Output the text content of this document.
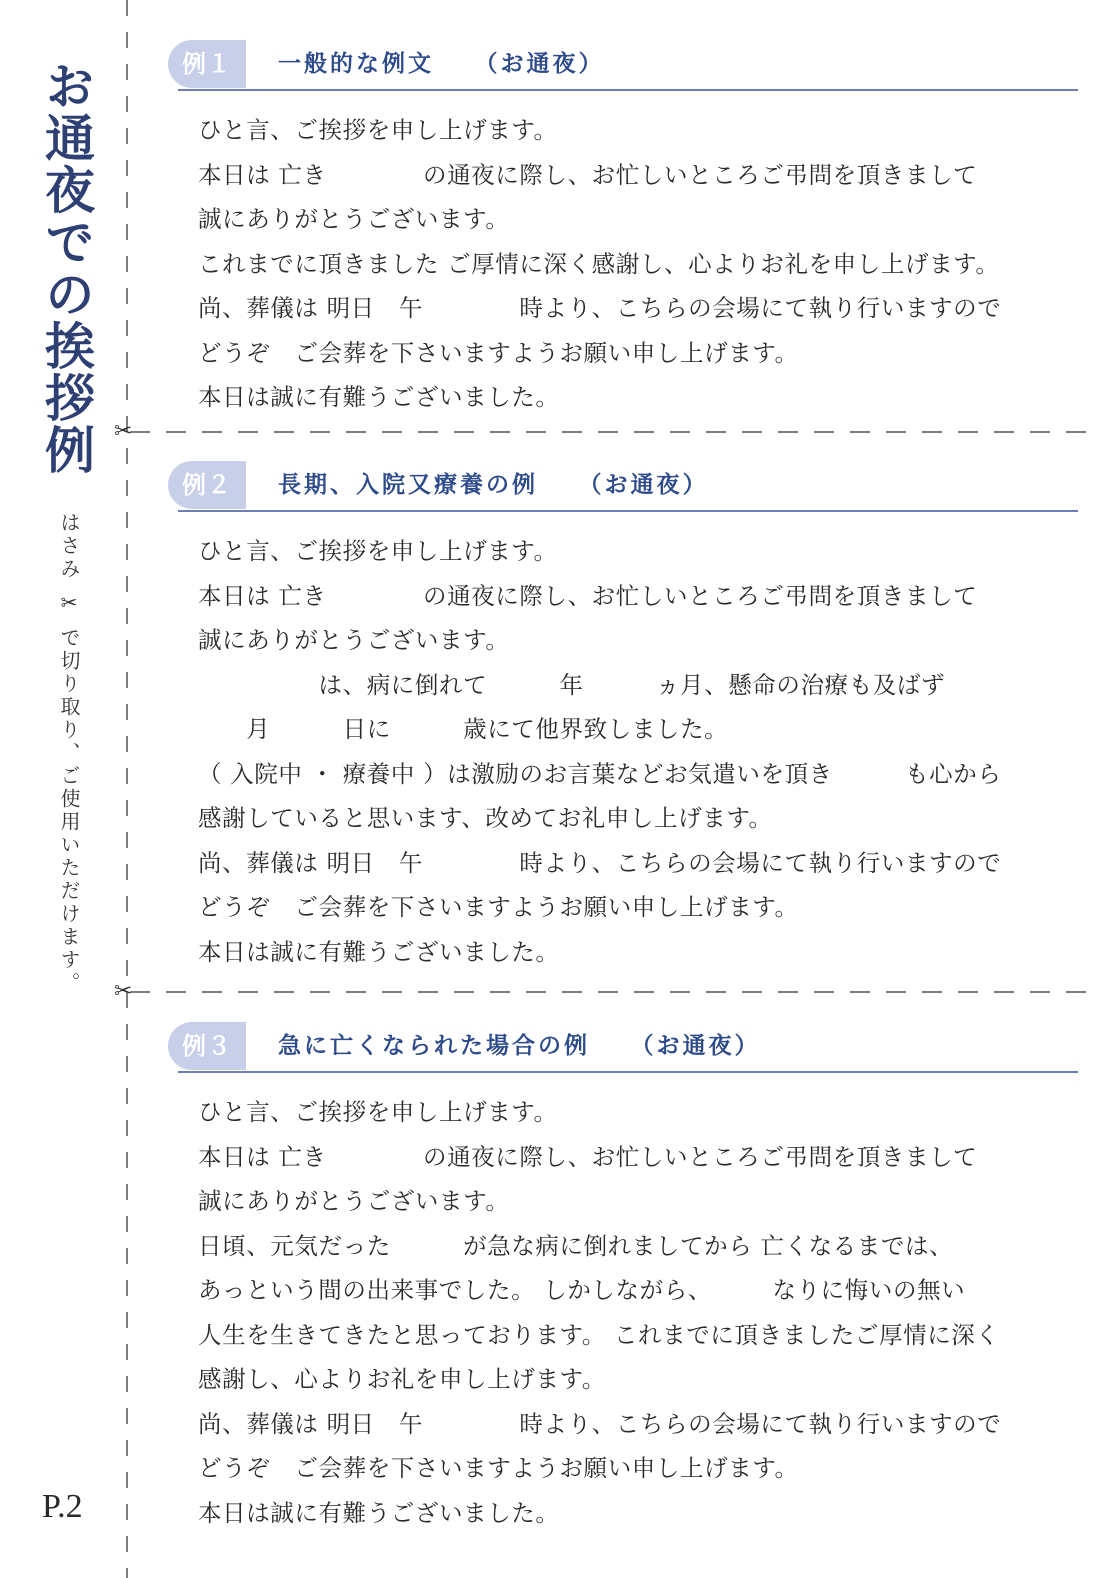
お通夜での挨拶例
はさみ ✂ で切り取り、ご使用いただけます。
P.2
✂
✂
例１	一般的な例文　　（お通夜）
ひと言、ご挨拶を申し上げます。
本日は 亡き　　　　の通夜に際し、お忙しいところご弔問を頂きまして
誠にありがとうございます。
これまでに頂きました ご厚情に深く感謝し、心よりお礼を申し上げます。
尚、葬儀は 明日　午　　　　時より、こちらの会場にて執り行いますので
どうぞ　ご会葬を下さいますようお願い申し上げます。
本日は誠に有難うございました。
例２	長期、入院又療養の例　　（お通夜）
ひと言、ご挨拶を申し上げます。
本日は 亡き　　　　の通夜に際し、お忙しいところご弔問を頂きまして
誠にありがとうございます。
　　　　　は、病に倒れて　　　年　　　ヵ月、懸命の治療も及ばず
　　月　　　日に　　　歳にて他界致しました。
（ 入院中 ・ 療養中 ）は激励のお言葉などお気遣いを頂き　　　も心から
感謝していると思います、改めてお礼申し上げます。
尚、葬儀は 明日　午　　　　時より、こちらの会場にて執り行いますので
どうぞ　ご会葬を下さいますようお願い申し上げます。
本日は誠に有難うございました。
例３	急に亡くなられた場合の例　　（お通夜）
ひと言、ご挨拶を申し上げます。
本日は 亡き　　　　の通夜に際し、お忙しいところご弔問を頂きまして
誠にありがとうございます。
日頃、元気だった　　　が急な病に倒れましてから 亡くなるまでは、
あっという間の出来事でした。 しかしながら、　　　なりに悔いの無い
人生を生きてきたと思っております。 これまでに頂きましたご厚情に深く
感謝し、心よりお礼を申し上げます。
尚、葬儀は 明日　午　　　　時より、こちらの会場にて執り行いますので
どうぞ　ご会葬を下さいますようお願い申し上げます。
本日は誠に有難うございました。
